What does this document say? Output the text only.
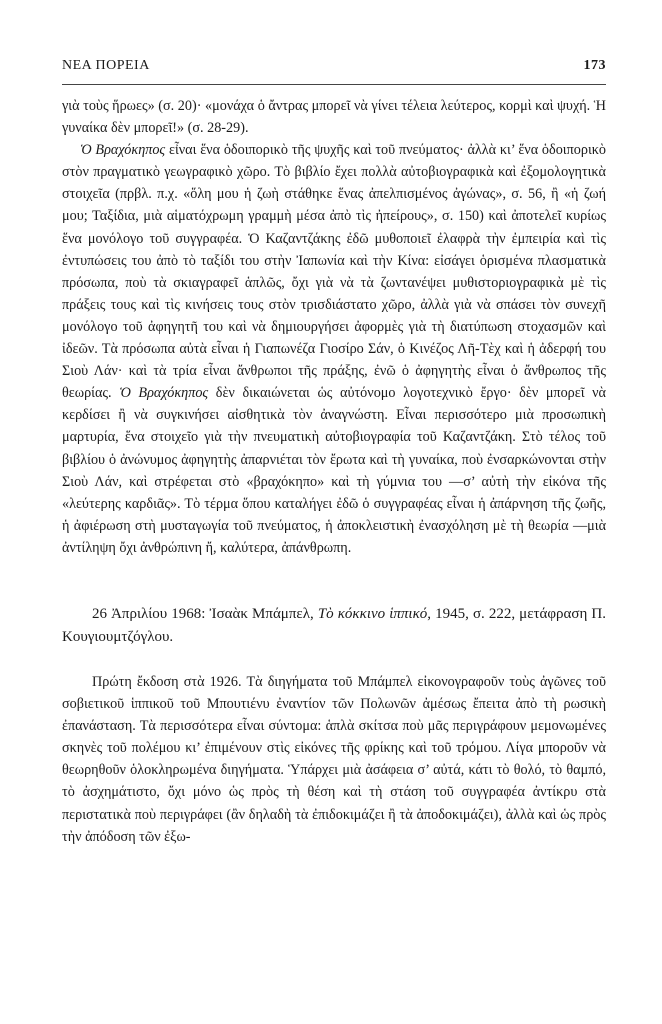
ΝΕΑ ΠΟΡΕΙΑ	173

γιὰ τοὺς ἥρωες» (σ. 20)· «μονάχα ὁ ἄντρας μπορεῖ νὰ γίνει τέλεια λεύτερος, κορμὶ καὶ ψυχή. Ἡ γυναίκα δὲν μπορεῖ!» (σ. 28-29).

Ὁ Βραχόκηπος εἶναι ἕνα ὁδοιπορικὸ τῆς ψυχῆς καὶ τοῦ πνεύματος· ἀλλὰ κι’ ἕνα ὁδοιπορικὸ στὸν πραγματικὸ γεωγραφικὸ χῶρο. Τὸ βιβλίο ἔχει πολλὰ αὐτοβιογραφικὰ καὶ ἐξομολογητικὰ στοιχεῖα (πρβλ. π.χ. «ὅλη μου ἡ ζωὴ στάθηκε ἕνας ἀπελπισμένος ἀγώνας», σ. 56, ἢ «ἡ ζωή μου; Ταξίδια, μιὰ αἱματόχρωμη γραμμὴ μέσα ἀπὸ τὶς ἠπείρους», σ. 150) καὶ ἀποτελεῖ κυρίως ἕνα μονόλογο τοῦ συγγραφέα. Ὁ Καζαντζάκης ἐδῶ μυθοποιεῖ ἐλαφρὰ τὴν ἐμπειρία καὶ τὶς ἐντυπώσεις του ἀπὸ τὸ ταξίδι του στὴν Ἰαπωνία καὶ τὴν Κίνα: εἰσάγει ὁρισμένα πλασματικὰ πρόσωπα, ποὺ τὰ σκιαγραφεῖ ἁπλῶς, ὄχι γιὰ νὰ τὰ ζωντανέψει μυθιστοριογραφικὰ μὲ τὶς πράξεις τους καὶ τὶς κινήσεις τους στὸν τρισδιάστατο χῶρο, ἀλλὰ γιὰ νὰ σπάσει τὸν συνεχῆ μονόλογο τοῦ ἀφηγητῆ του καὶ νὰ δημιουργήσει ἀφορμὲς γιὰ τὴ διατύπωση στοχασμῶν καὶ ἰδεῶν. Τὰ πρόσωπα αὐτὰ εἶναι ἡ Γιαπωνέζα Γιοσίρο Σάν, ὁ Κινέζος Λῆ-Τὲχ καὶ ἡ ἀδερφή του Σιοὺ Λάν· καὶ τὰ τρία εἶναι ἄνθρωποι τῆς πράξης, ἐνῶ ὁ ἀφηγητὴς εἶναι ὁ ἄνθρωπος τῆς θεωρίας. Ὁ Βραχόκηπος δὲν δικαιώνεται ὡς αὐτόνομο λογοτεχνικὸ ἔργο· δὲν μπορεῖ νὰ κερδίσει ἢ νὰ συγκινήσει αἰσθητικὰ τὸν ἀναγνώστη. Εἶναι περισσότερο μιὰ προσωπικὴ μαρτυρία, ἕνα στοιχεῖο γιὰ τὴν πνευματικὴ αὐτοβιογραφία τοῦ Καζαντζάκη. Στὸ τέλος τοῦ βιβλίου ὁ ἀνώνυμος ἀφηγητὴς ἀπαρνιέται τὸν ἔρωτα καὶ τὴ γυναίκα, ποὺ ἐνσαρκώνονται στὴν Σιοὺ Λάν, καὶ στρέφεται στὸ «βραχόκηπο» καὶ τὴ γύμνια του —σ’ αὐτὴ τὴν εἰκόνα τῆς «λεύτερης καρδιᾶς». Τὸ τέρμα ὅπου καταλήγει ἐδῶ ὁ συγγραφέας εἶναι ἡ ἀπάρνηση τῆς ζωῆς, ἡ ἀφιέρωση στὴ μυσταγωγία τοῦ πνεύματος, ἡ ἀποκλειστικὴ ἐνασχόληση μὲ τὴ θεωρία —μιὰ ἀντίληψη ὄχι ἀνθρώπινη ἤ, καλύτερα, ἀπάνθρωπη.

26 Ἀπριλίου 1968: Ἰσαὰκ Μπάμπελ, Τὸ κόκκινο ἱππικό, 1945, σ. 222, μετάφραση Π. Κουγιουμτζόγλου.

Πρώτη ἔκδοση στὰ 1926. Τὰ διηγήματα τοῦ Μπάμπελ εἰκονογραφοῦν τοὺς ἀγῶνες τοῦ σοβιετικοῦ ἱππικοῦ τοῦ Μπουτιένυ ἐναντίον τῶν Πολωνῶν ἀμέσως ἔπειτα ἀπὸ τὴ ρωσικὴ ἐπανάσταση. Τὰ περισσότερα εἶναι σύντομα: ἁπλὰ σκίτσα ποὺ μᾶς περιγράφουν μεμονωμένες σκηνὲς τοῦ πολέμου κι’ ἐπιμένουν στὶς εἰκόνες τῆς φρίκης καὶ τοῦ τρόμου. Λίγα μποροῦν νὰ θεωρηθοῦν ὁλοκληρωμένα διηγήματα. Ὑπάρχει μιὰ ἀσάφεια σ’ αὐτά, κάτι τὸ θολό, τὸ θαμπό, τὸ ἀσχημάτιστο, ὄχι μόνο ὡς πρὸς τὴ θέση καὶ τὴ στάση τοῦ συγγραφέα ἀντίκρυ στὰ περιστατικὰ ποὺ περιγράφει (ἂν δηλαδὴ τὰ ἐπιδοκιμάζει ἢ τὰ ἀποδοκιμάζει), ἀλλὰ καὶ ὡς πρὸς τὴν ἀπόδοση τῶν ἐξω-
